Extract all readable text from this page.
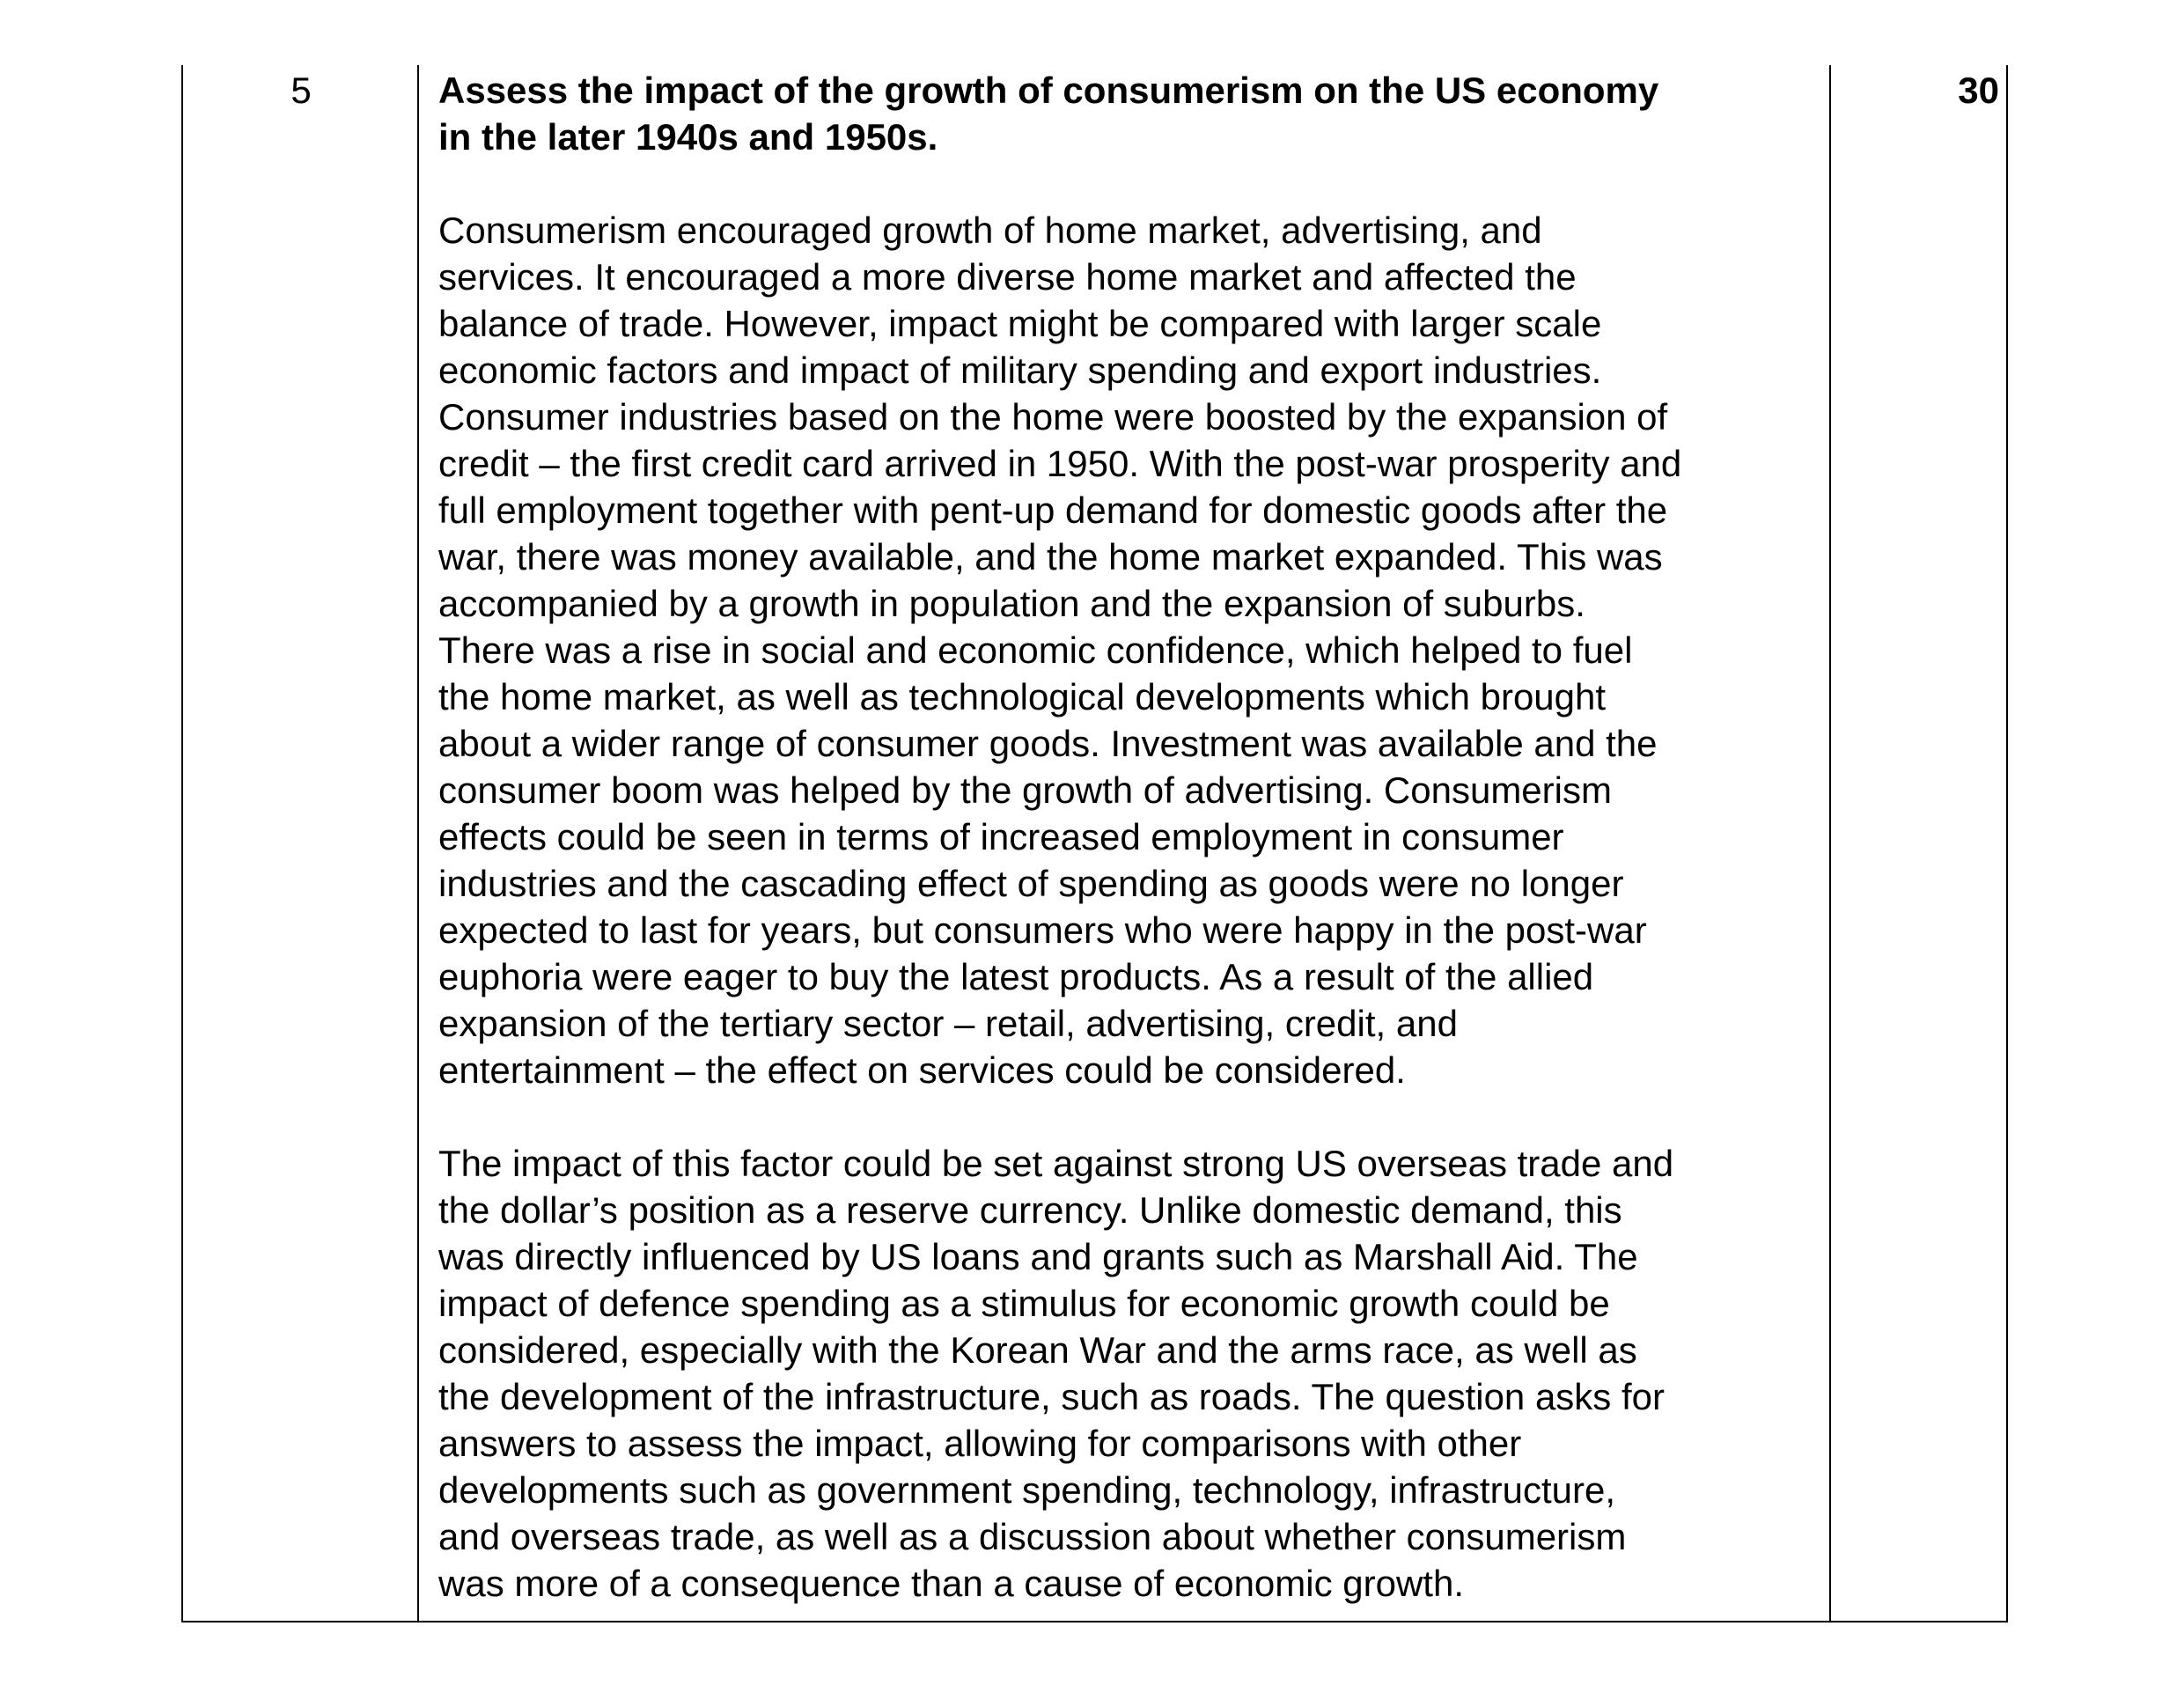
5	Assess the impact of the growth of consumerism on the US economy
in the later 1940s and 1950s.

Consumerism encouraged growth of home market, advertising, and
services. It encouraged a more diverse home market and affected the
balance of trade. However, impact might be compared with larger scale
economic factors and impact of military spending and export industries.
Consumer industries based on the home were boosted by the expansion of
credit – the first credit card arrived in 1950. With the post-war prosperity and
full employment together with pent-up demand for domestic goods after the
war, there was money available, and the home market expanded. This was
accompanied by a growth in population and the expansion of suburbs.
There was a rise in social and economic confidence, which helped to fuel
the home market, as well as technological developments which brought
about a wider range of consumer goods. Investment was available and the
consumer boom was helped by the growth of advertising. Consumerism
effects could be seen in terms of increased employment in consumer
industries and the cascading effect of spending as goods were no longer
expected to last for years, but consumers who were happy in the post-war
euphoria were eager to buy the latest products. As a result of the allied
expansion of the tertiary sector – retail, advertising, credit, and
entertainment – the effect on services could be considered.

The impact of this factor could be set against strong US overseas trade and
the dollar’s position as a reserve currency. Unlike domestic demand, this
was directly influenced by US loans and grants such as Marshall Aid. The
impact of defence spending as a stimulus for economic growth could be
considered, especially with the Korean War and the arms race, as well as
the development of the infrastructure, such as roads. The question asks for
answers to assess the impact, allowing for comparisons with other
developments such as government spending, technology, infrastructure,
and overseas trade, as well as a discussion about whether consumerism
was more of a consequence than a cause of economic growth.

30
